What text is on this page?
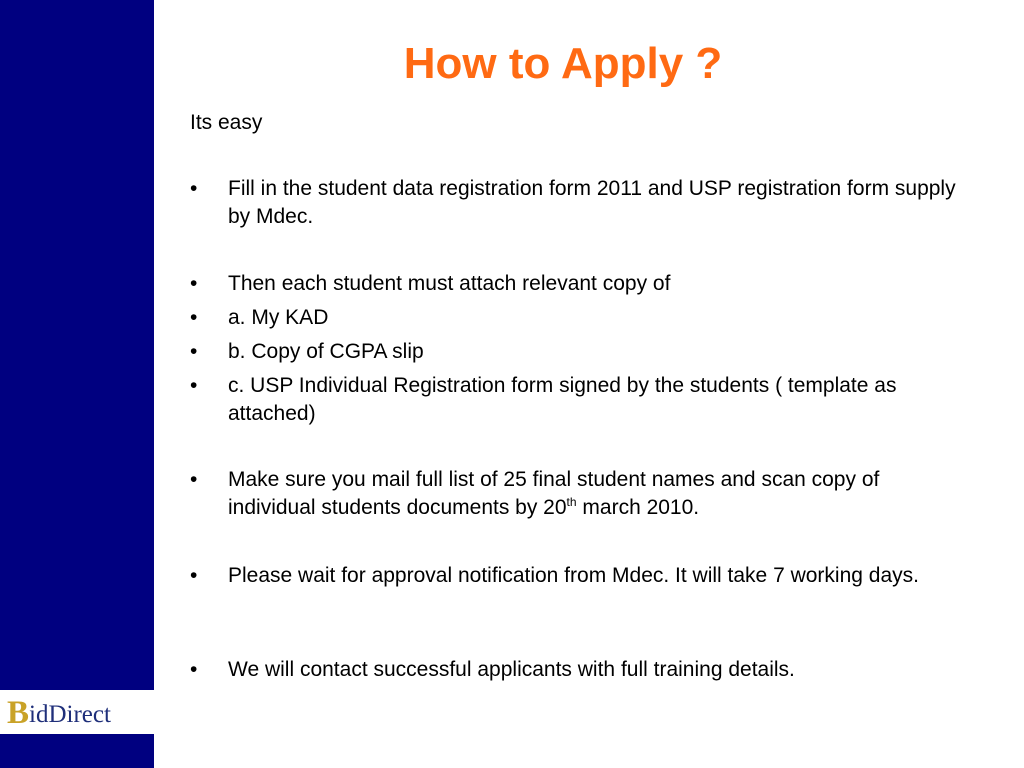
B idDirect
How to Apply ?
Its easy
•	Fill in the student data registration form 2011 and USP registration form supply by Mdec.
•	Then each student must attach relevant copy of
•	a. My KAD
•	b. Copy of CGPA slip
•	c. USP Individual Registration form signed by the students ( template as attached)
•	Make sure you mail full list of 25 final student names and scan copy of individual students documents by 20th march 2010.
•	Please wait for approval notification from Mdec. It will take 7 working days.
•	We will contact successful applicants with full training details.
